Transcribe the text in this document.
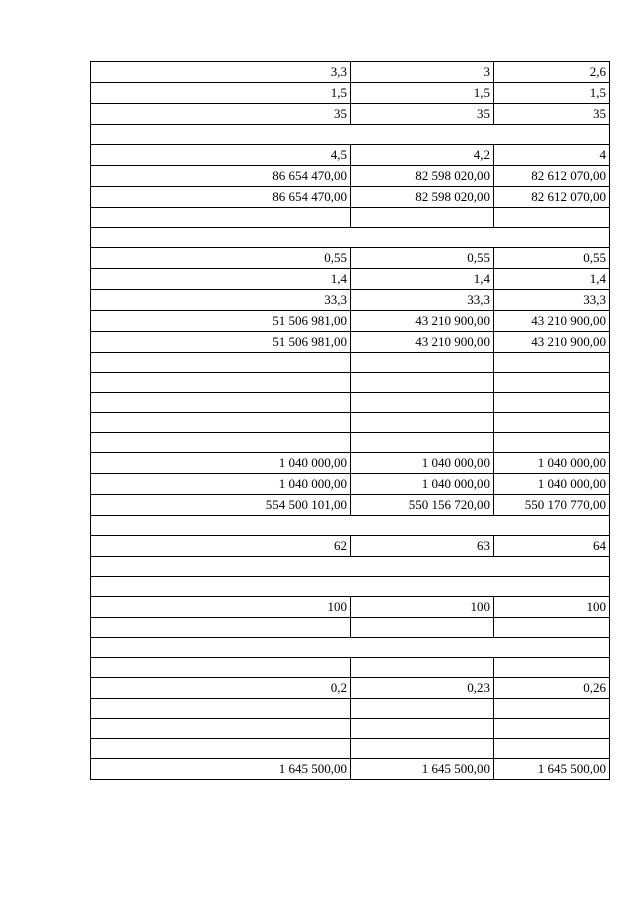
3,3	3	2,6
1,5	1,5	1,5
35	35	35

4,5	4,2	4
86 654 470,00	82 598 020,00	82 612 070,00
86 654 470,00	82 598 020,00	82 612 070,00

0,55	0,55	0,55
1,4	1,4	1,4
33,3	33,3	33,3
51 506 981,00	43 210 900,00	43 210 900,00
51 506 981,00	43 210 900,00	43 210 900,00

1 040 000,00	1 040 000,00	1 040 000,00
1 040 000,00	1 040 000,00	1 040 000,00
554 500 101,00	550 156 720,00	550 170 770,00

62	63	64

100	100	100

0,2	0,23	0,26

1 645 500,00	1 645 500,00	1 645 500,00
